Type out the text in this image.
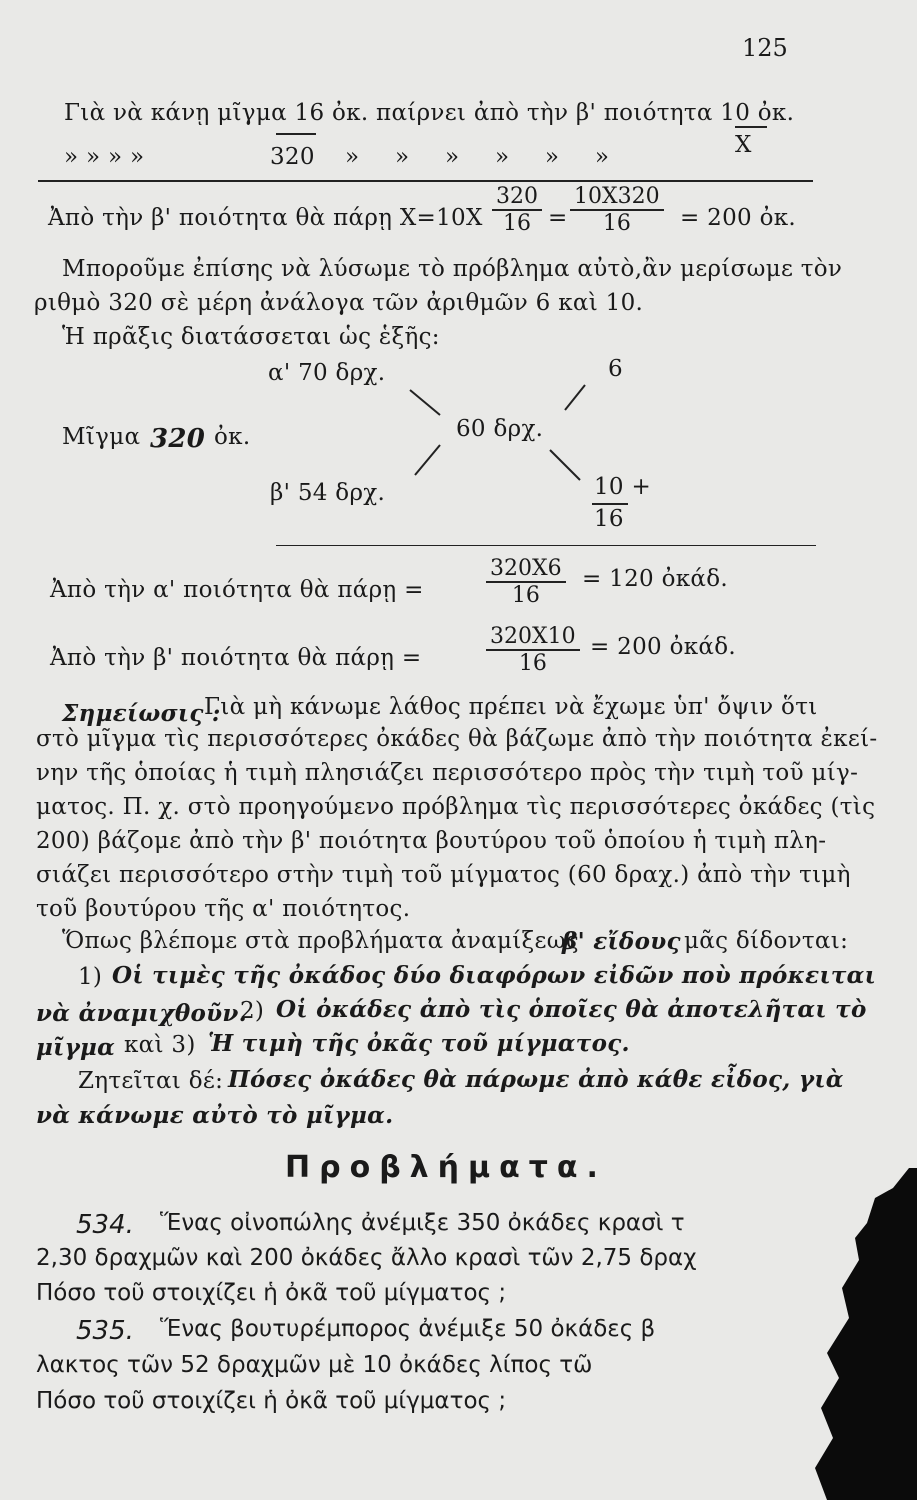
125
Γιὰ νὰ κάνῃ μῖγμα 16 ὀκ. παίρνει ἀπὸ τὴν β' ποιότητα 10 ὀκ.
» » » »	320 » » » » » »	X
Ἀπὸ τὴν β' ποιότητα θὰ πάρῃ $X=10X \frac{320}{16} = \frac{10X320}{16} = 200$ ὀκ.
Μποροῦμε ἐπίσης νὰ λύσωμε τὸ πρόβλημα αὐτὸ,ἂν μερίσωμε τὸν
ριθμὸ 320 σὲ μέρη ἀνάλογα τῶν ἀριθμῶν 6 καὶ 10.
Ἡ πρᾶξις διατάσσεται ὡς ἑξῆς:
α' 70 δρχ.	6
Μῖγμα 320 ὀκ.	60 δρχ.
β' 54 δρχ.	10 +
16
Ἀπὸ τὴν α' ποιότητα θὰ πάρῃ =	$\frac{320X6}{16} = 120$ ὀκάδ.
Ἀπὸ τὴν β' ποιότητα θὰ πάρῃ =	$\frac{320X10}{16} = 200$ ὀκάδ.
Σημείωσις :
Γιὰ μὴ κάνωμε λάθος πρέπει νὰ ἔχωμε ὑπ' ὄψιν ὅτι
στὸ μῖγμα τὶς περισσότερες ὀκάδες θὰ βάζωμε ἀπὸ τὴν ποιότητα ἐκεί-
νην τῆς ὁποίας ἡ τιμὴ πλησιάζει περισσότερο πρὸς τὴν τιμὴ τοῦ μίγ-
ματος. Π. χ. στὸ προηγούμενο πρόβλημα τὶς περισσότερες ὀκάδες (τὶς
200) βάζομε ἀπὸ τὴν β' ποιότητα βουτύρου τοῦ ὁποίου ἡ τιμὴ πλη-
σιάζει περισσότερο στὴν τιμὴ τοῦ μίγματος (60 δραχ.) ἀπὸ τὴν τιμὴ
τοῦ βουτύρου τῆς α' ποιότητος.
Ὅπως βλέπομε στὰ προβλήματα ἀναμίξεως
β' εἴδους μᾶς δίδονται:
1) Οἱ τιμὲς τῆς ὀκάδος δύο διαφόρων εἰδῶν ποὺ πρόκειται
νὰ ἀναμιχθοῦν.
2) Οἱ ὀκάδες ἀπὸ τὶς ὁποῖες θὰ ἀποτελῆται τὸ
μῖγμα καὶ 3) Ἡ τιμὴ τῆς ὀκᾶς τοῦ μίγματος.
Ζητεῖται δέ: Πόσες ὀκάδες θὰ πάρωμε ἀπὸ κάθε εἶδος, γιὰ
νὰ κάνωμε αὐτὸ τὸ μῖγμα.
Προβλήματα.
534. Ἕνας οἰνοπώλης ἀνέμιξε 350 ὀκάδες κρασὶ τ
2,30 δραχμῶν καὶ 200 ὀκάδες ἄλλο κρασὶ τῶν 2,75 δραχ
Πόσο τοῦ στοιχίζει ἡ ὀκᾶ τοῦ μίγματος ;
535. Ἕνας βουτυρέμπορος ἀνέμιξε 50 ὀκάδες β
λακτος τῶν 52 δραχμῶν μὲ 10 ὀκάδες λίπος τῶ
Πόσο τοῦ στοιχίζει ἡ ὀκᾶ τοῦ μίγματος ;
